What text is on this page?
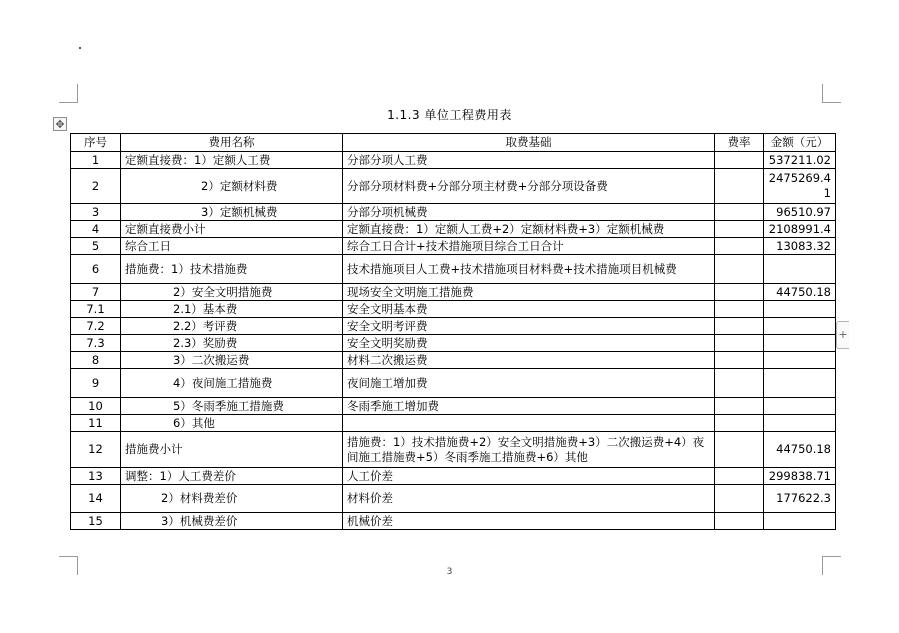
1.1.3 单位工程费用表
✥
+
序号	费用名称	取费基础	费率	金额（元）
1	定额直接费：1）定额人工费	分部分项人工费		537211.02
2	2）定额材料费	分部分项材料费+分部分项主材费+分部分项设备费		2475269.41
3	3）定额机械费	分部分项机械费		96510.97
4	定额直接费小计	定额直接费：1）定额人工费+2）定额材料费+3）定额机械费		2108991.4
5	综合工日	综合工日合计+技术措施项目综合工日合计		13083.32
6	措施费：1）技术措施费	技术措施项目人工费+技术措施项目材料费+技术措施项目机械费		
7	2）安全文明措施费	现场安全文明施工措施费		44750.18
7.1	2.1）基本费	安全文明基本费		
7.2	2.2）考评费	安全文明考评费		
7.3	2.3）奖励费	安全文明奖励费		
8	3）二次搬运费	材料二次搬运费		
9	4）夜间施工措施费	夜间施工增加费		
10	5）冬雨季施工措施费	冬雨季施工增加费		
11	6）其他			
12	措施费小计	措施费：1）技术措施费+2）安全文明措施费+3）二次搬运费+4）夜间施工措施费+5）冬雨季施工措施费+6）其他		44750.18
13	调整：1）人工费差价	人工价差		299838.71
14	2）材料费差价	材料价差		177622.3
15	3）机械费差价	机械价差		
3
